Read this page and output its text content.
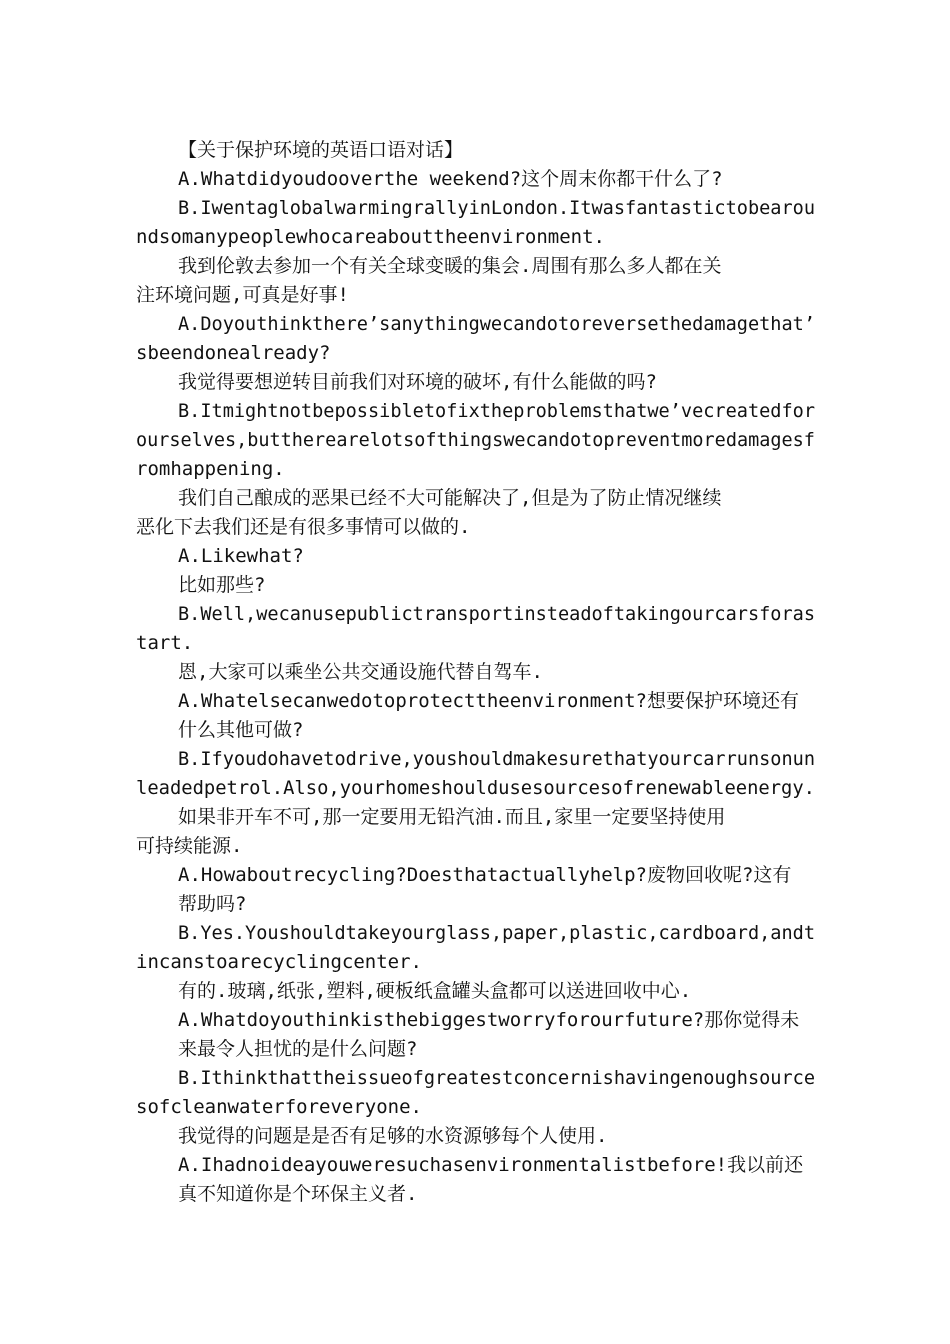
【关于保护环境的英语口语对话】
A.Whatdidyoudooverthe weekend?这个周末你都干什么了?
B.IwentaglobalwarmingrallyinLondon.Itwasfantastictobearou
ndsomanypeoplewhocareabouttheenvironment.
我到伦敦去参加一个有关全球变暖的集会.周围有那么多人都在关
注环境问题,可真是好事!
A.Doyouthinkthere’sanythingwecandotoreversethedamagethat’
sbeendonealready?
我觉得要想逆转目前我们对环境的破坏,有什么能做的吗?
B.Itmightnotbepossibletofixtheproblemsthatwe’vecreatedfor
ourselves,buttherearelotsofthingswecandotopreventmoredamagesf
romhappening.
我们自己酿成的恶果已经不大可能解决了,但是为了防止情况继续
恶化下去我们还是有很多事情可以做的.
A.Likewhat?
比如那些?
B.Well,wecanusepublictransportinsteadoftakingourcarsforas
tart.
恩,大家可以乘坐公共交通设施代替自驾车.
A.Whatelsecanwedotoprotecttheenvironment?想要保护环境还有
什么其他可做?
B.Ifyoudohavetodrive,youshouldmakesurethatyourcarrunsonun
leadedpetrol.Also,yourhomeshouldusesourcesofrenewableenergy.
如果非开车不可,那一定要用无铅汽油.而且,家里一定要坚持使用
可持续能源.
A.Howaboutrecycling?Doesthatactuallyhelp?废物回收呢?这有
帮助吗?
B.Yes.Youshouldtakeyourglass,paper,plastic,cardboard,andt
incanstoarecyclingcenter.
有的.玻璃,纸张,塑料,硬板纸盒罐头盒都可以送进回收中心.
A.Whatdoyouthinkisthebiggestworryforourfuture?那你觉得未
来最令人担忧的是什么问题?
B.Ithinkthattheissueofgreatestconcernishavingenoughsource
sofcleanwaterforeveryone.
我觉得的问题是是否有足够的水资源够每个人使用.
A.Ihadnoideayouweresuchasenvironmentalistbefore!我以前还
真不知道你是个环保主义者.
